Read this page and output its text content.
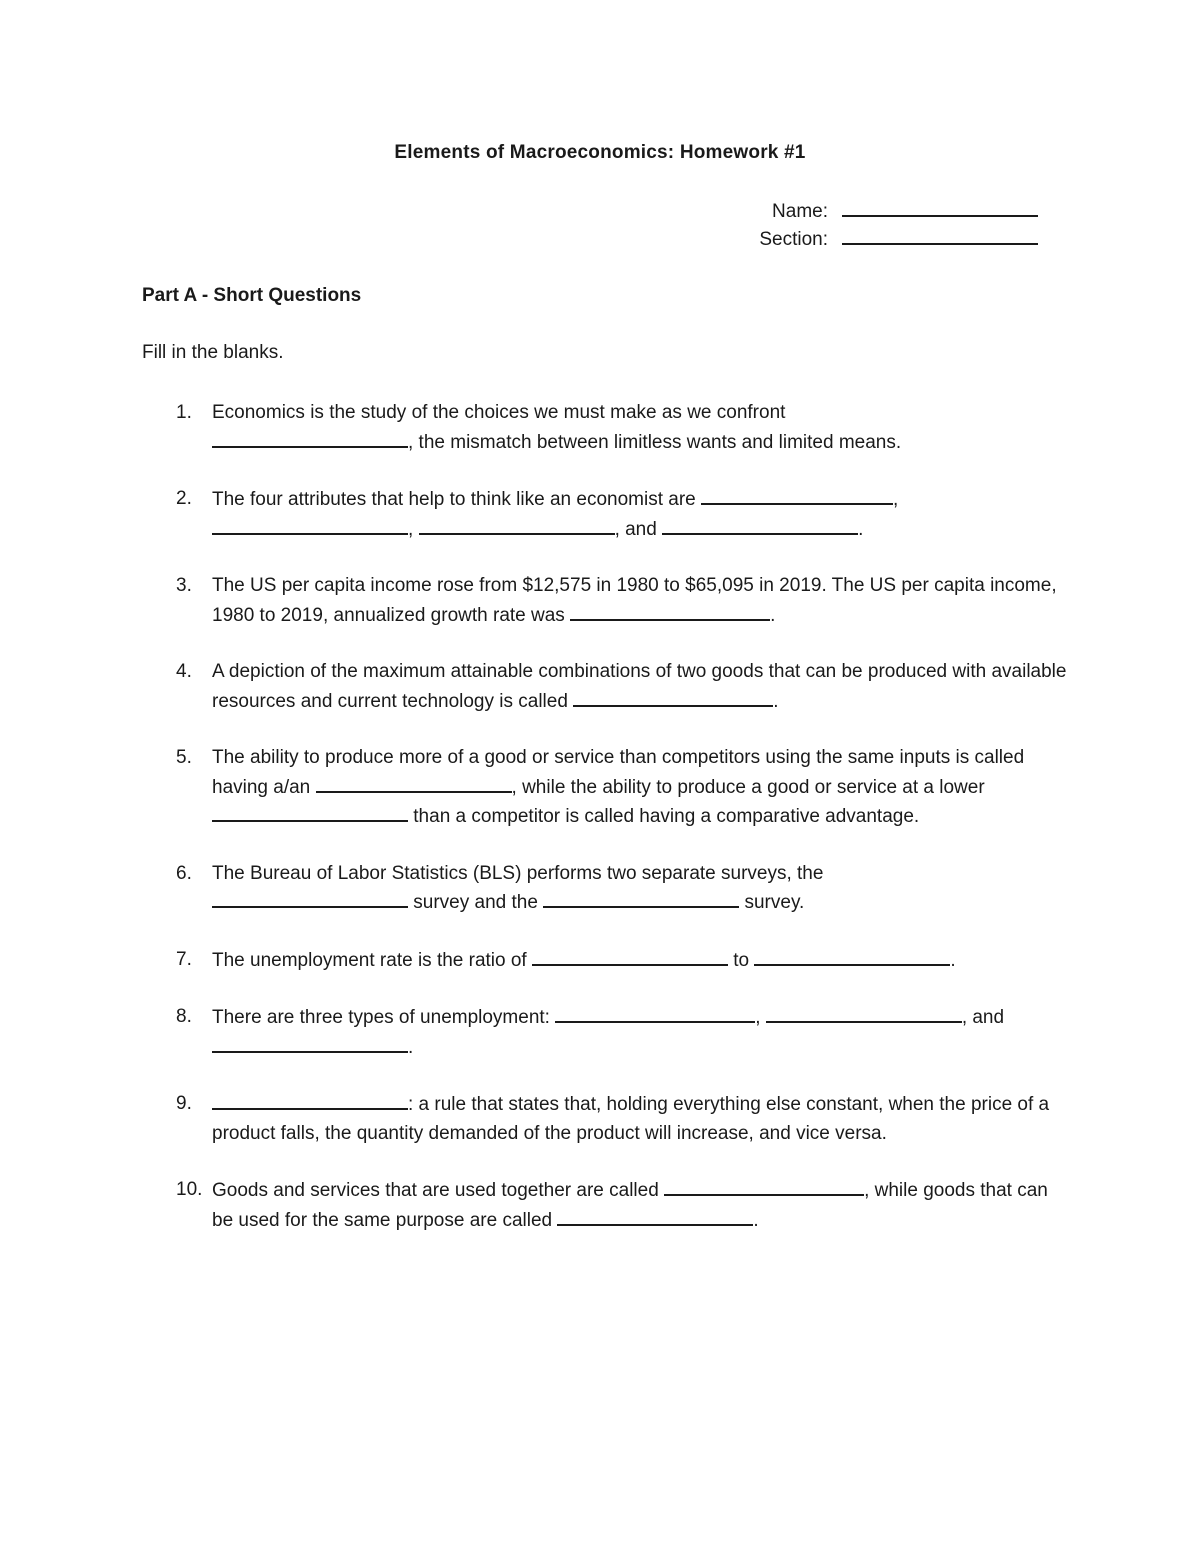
Elements of Macroeconomics: Homework #1
Name:
Section:
Part A - Short Questions
Fill in the blanks.
1. Economics is the study of the choices we must make as we confront
, the mismatch between limitless wants and limited means.
2. The four attributes that help to think like an economist are	,
,	, and	.
3. The US per capita income rose from $12,575 in 1980 to $65,095 in 2019. The US per capita income, 1980 to 2019, annualized growth rate was	.
4. A depiction of the maximum attainable combinations of two goods that can be produced with available resources and current technology is called	.
5. The ability to produce more of a good or service than competitors using the same inputs is called having a/an	, while the ability to produce a good or service at a lower  than a competitor is called having a comparative advantage.
6. The Bureau of Labor Statistics (BLS) performs two separate surveys, the
survey and the	survey.
7. The unemployment rate is the ratio of	to	.
8. There are three types of unemployment:	,	, and
.
9.	: a rule that states that, holding everything else constant, when the price of a product falls, the quantity demanded of the product will increase, and vice versa.
10. Goods and services that are used together are called	, while goods that can be used for the same purpose are called	.
